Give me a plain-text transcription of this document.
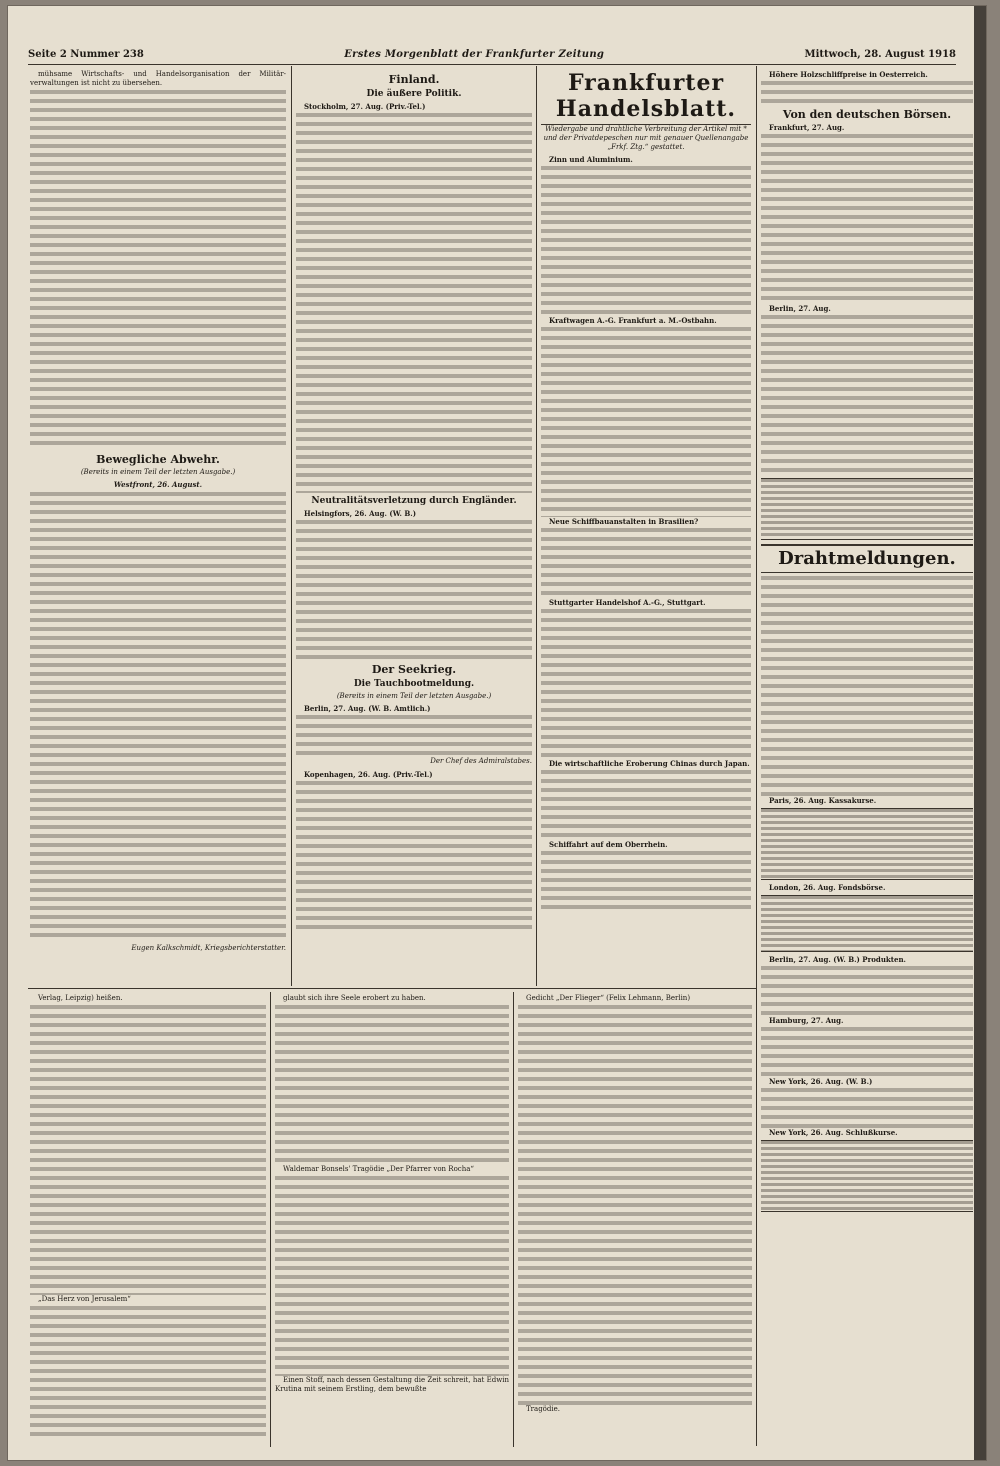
Seite 2 Nummer 238	Erstes Morgenblatt der Frankfurter Zeitung	Mittwoch, 28. August 1918

mühsame Wirtschafts- und Handelsorganisation der Militär-verwaltungen ist nicht zu übersehen.

Bewegliche Abwehr.
(Bereits in einem Teil der letzten Ausgabe.)
Westfront, 26. August.
Eugen Kalkschmidt, Kriegsberichterstatter.
Finland.
Die äußere Politik.

Stockholm, 27. Aug. (Priv.-Tel.)

Neutralitätsverletzung durch Engländer.

Helsingfors, 26. Aug. (W. B.)

Der Seekrieg.
Die Tauchbootmeldung.
(Bereits in einem Teil der letzten Ausgabe.)

Berlin, 27. Aug. (W. B. Amtlich.)

Der Chef des Admiralstabes.

Kopenhagen, 26. Aug. (Priv.-Tel.)

Frankfurter Handelsblatt.
Wiedergabe und drahtliche Verbreitung der Artikel mit * und der Privatdepeschen nur mit genauer Quellenangabe „Frkf. Ztg.“ gestattet.

Zinn und Aluminium.

Kraftwagen A.-G. Frankfurt a. M.-Ostbahn.

Neue Schiffbauanstalten in Brasilien?

Stuttgarter Handelshof A.-G., Stuttgart.

Die wirtschaftliche Eroberung Chinas durch Japan.

Schiffahrt auf dem Oberrhein.

Höhere Holzschliffpreise in Oesterreich.

Von den deutschen Börsen.

Frankfurt, 27. Aug.

Berlin, 27. Aug.

Drahtmeldungen.

Paris, 26. Aug. Kassakurse.

London, 26. Aug. Fondsbörse.

Berlin, 27. Aug. (W. B.) Produkten.

Hamburg, 27. Aug.

New York, 26. Aug. (W. B.)

New York, 26. Aug. Schlußkurse.

Verlag, Leipzig) heißen.

„Das Herz von Jerusalem“

glaubt sich ihre Seele erobert zu haben.

Waldemar Bonsels' Tragödie „Der Pfarrer von Rocha“

Einen Stoff, nach dessen Gestaltung die Zeit schreit, hat Edwin Krutina mit seinem Erstling, dem bewußte

Gedicht „Der Flieger“ (Felix Lehmann, Berlin)

Tragödie.
